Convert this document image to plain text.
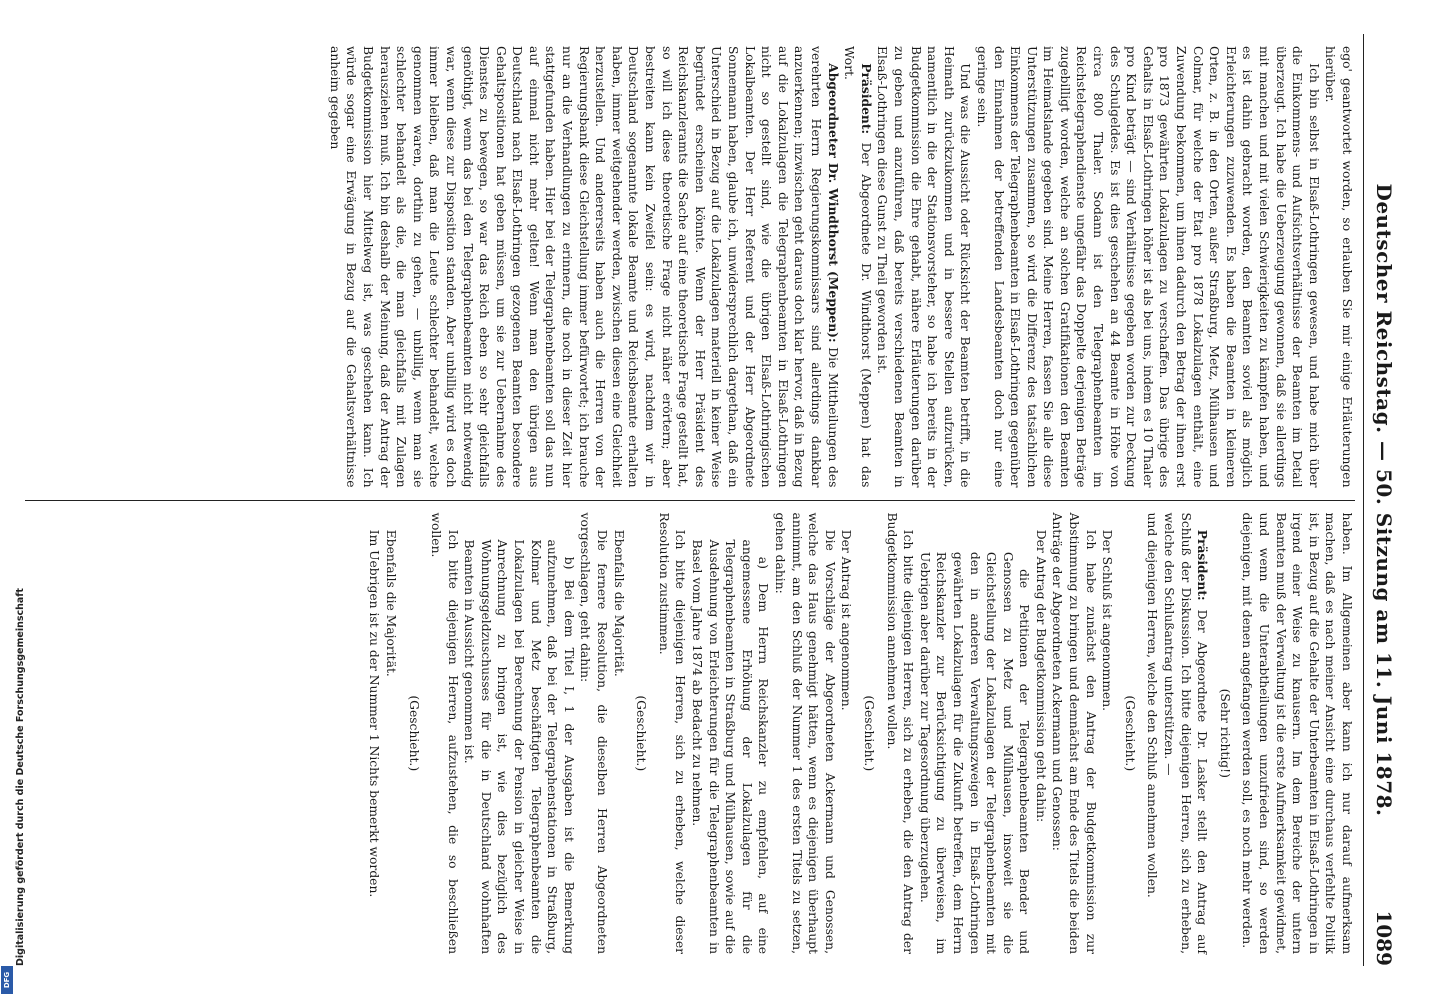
Digitalisierung gefördert durch die Deutsche Forschungsgemeinschaft
DFG
Deutscher Reichstag. — 50. Sitzung am 11. Juni 1878.
1089

ego' geantwortet worden, so erlauben Sie mir einige Erläuterungen hierüber.

Ich bin selbst in Elsaß-Lothringen gewesen, und habe mich über die Einkommens- und Aufsichtsverhältnisse der Beamten im Detail überzeugt. Ich habe die Ueberzeugung gewonnen, daß sie allerdings mit manchen und mit vielen Schwierigkeiten zu kämpfen haben, und es ist dahin gebracht worden, den Beamten soviel als möglich Erleichterungen zuzuwenden. Es haben die Beamten in kleineren Orten, z. B. in den Orten, außer Straßburg, Metz, Mülhausen und Colmar, für welche der Etat pro 1878 Lokalzulagen enthält, eine Zuwendung bekommen, um ihnen dadurch den Betrag der ihnen erst pro 1873 gewährten Lokalzulagen zu verschaffen. Das übrige des Gehalts in Elsaß-Lothringen höher ist als bei uns, indem es 10 Thaler pro Kind beträgt — sind Verhältnisse gegeben worden zur Deckung des Schulgeldes. Es ist dies geschehen an 44 Beamte in Höhe von circa 800 Thaler. Sodann ist den Telegraphenbeamten im Reichstelegraphendienste ungefähr das Doppelte derjenigen Beträge zugebilligt worden, welche an solchen Gratifikationen den Beamten im Heimatslande gegeben sind. Meine Herren, fassen Sie alle diese Unterstützungen zusammen, so wird die Differenz des tatsächlichen Einkommens der Telegraphenbeamten in Elsaß-Lothringen gegenüber den Einnahmen der betreffenden Landesbeamten doch nur eine geringe sein.

Und was die Aussicht oder Rücksicht der Beamten betrifft, in die Heimath zurückzukommen und in bessere Stellen aufzurücken, namentlich in die der Stationsvorsteher, so habe ich bereits in der Budgetkommission die Ehre gehabt, nähere Erläuterungen darüber zu geben und anzuführen, daß bereits verschiedenen Beamten in Elsaß-Lothringen diese Gunst zu Theil geworden ist.

Präsident: Der Abgeordnete Dr. Windthorst (Meppen) hat das Wort.

Abgeordneter Dr. Windthorst (Meppen): Die Mittheilungen des verehrten Herrn Regierungskommissars sind allerdings dankbar anzuerkennen; inzwischen geht daraus doch klar hervor, daß in Bezug auf die Lokalzulagen die Telegraphenbeamten in Elsaß-Lothringen nicht so gestellt sind, wie die übrigen Elsaß-Lothringischen Lokalbeamten. Der Herr Referent und der Herr Abgeordnete Sonnemann haben, glaube ich, unwidersprechlich dargethan, daß ein Unterschied in Bezug auf die Lokalzulagen materiell in keiner Weise begründet erscheinen könnte. Wenn der Herr Präsident des Reichskanzleramts die Sache auf eine theoretische Frage gestellt hat, so will ich diese theoretische Frage nicht näher erörtern; aber bestreiten kann kein Zweifel sein: es wird, nachdem wir in Deutschland sogenannte lokale Beamte und Reichsbeamte erhalten haben, immer weitgehender werden, zwischen diesen eine Gleichheit herzustellen. Und andererseits haben auch die Herren von der Regierungsbank diese Gleichstellung immer befürwortet; ich brauche nur an die Verhandlungen zu erinnern, die noch in dieser Zeit hier stattgefunden haben. Hier bei der Telegraphenbeamten soll das nun auf einmal nicht mehr gelten! Wenn man den übrigen aus Deutschland nach Elsaß-Lothringen gezogenen Beamten besondere Gehaltspositionen hat geben müssen, um sie zur Uebernahme des Dienstes zu bewegen, so war das Reich eben so sehr gleichfalls genöthigt, wenn das bei den Telegraphenbeamten nicht notwendig war, wenn diese zur Disposition standen. Aber unbillig wird es doch immer bleiben, daß man die Leute schlechter behandelt, welche genommen waren, dorthin zu gehen, — unbillig, wenn man sie schlechter behandelt als die, die man gleichfalls mit Zulagen herausziehen muß. Ich bin deshalb der Meinung, daß der Antrag der Budgetkommission hier Mittelweg ist, was geschehen kann. Ich würde sogar eine Erwägung in Bezug auf die Gehaltsverhältnisse anheim gegeben

haben. Im Allgemeinen aber kann ich nur darauf aufmerksam machen, daß es nach meiner Ansicht eine durchaus verfehlte Politik ist, in Bezug auf die Gehalte der Unterbeamten in Elsaß-Lothringen in irgend einer Weise zu knausern. Im dem Bereiche der untern Beamten muß der Verwaltung ist die erste Aufmerksamkeit gewidmet, und wenn die Unterabtheilungen unzufrieden sind, so werden diejenigen, mit denen angefangen werden soll, es noch mehr werden.

(Sehr richtig!)

Präsident: Der Abgeordnete Dr. Lasker stellt den Antrag auf Schluß der Diskussion. Ich bitte diejenigen Herren, sich zu erheben, welche den Schlußantrag unterstützen. —

und diejenigen Herren, welche den Schluß annehmen wollen.

(Geschieht.)

Der Schluß ist angenommen.

Ich habe zunächst den Antrag der Budgetkommission zur Abstimmung zu bringen und demnächst am Ende des Titels die beiden Anträge der Abgeordneten Ackermann und Genossen:

Der Antrag der Budgetkommission geht dahin:

die Petitionen der Telegraphenbeamten Bender und Genossen zu Metz und Mülhausen, insoweit sie die Gleichstellung der Lokalzulagen der Telegraphenbeamten mit den in anderen Verwaltungszweigen in Elsaß-Lothringen gewährten Lokalzulagen für die Zukunft betreffen, dem Herrn Reichskanzler zur Berücksichtigung zu überweisen, im Uebrigen aber darüber zur Tagesordnung überzugehen.

Ich bitte diejenigen Herren, sich zu erheben, die den Antrag der Budgetkommission annehmen wollen.

(Geschieht.)

Der Antrag ist angenommen.

Die Vorschläge der Abgeordneten Ackermann und Genossen, welche das Haus genehmigt hätten, wenn es diejenigen überhaupt annimmt, am den Schluß der Nummer 1 des ersten Titels zu setzen, gehen dahin:

a) Dem Herrn Reichskanzler zu empfehlen, auf eine angemessene Erhöhung der Lokalzulagen für die Telegraphenbeamten in Straßburg und Mülhausen, sowie auf die Ausdehnung von Erleichterungen für die Telegraphenbeamten in Basel vom Jahre 1874 ab Bedacht zu nehmen.

Ich bitte diejenigen Herren, sich zu erheben, welche dieser Resolution zustimmen.

(Geschieht.)

Ebenfalls die Majorität.

Die fernere Resolution, die dieselben Herren Abgeordneten vorgeschlagen, geht dahin:

b) Bei dem Titel I, 1 der Ausgaben ist die Bemerkung aufzunehmen, daß bei der Telegraphenstationen in Straßburg, Kolmar und Metz beschäftigten Telegraphenbeamten die Lokalzulagen bei Berechnung der Pension in gleicher Weise in Anrechnung zu bringen ist, wie dies bezüglich des Wohnungsgeldzuschusses für die in Deutschland wohnhaften Beamten in Aussicht genommen ist.

Ich bitte diejenigen Herren, aufzustehen, die so beschließen wollen.

(Geschieht.)

Ebenfalls die Majorität.

Im Uebrigen ist zu der Nummer 1 Nichts bemerkt worden.
